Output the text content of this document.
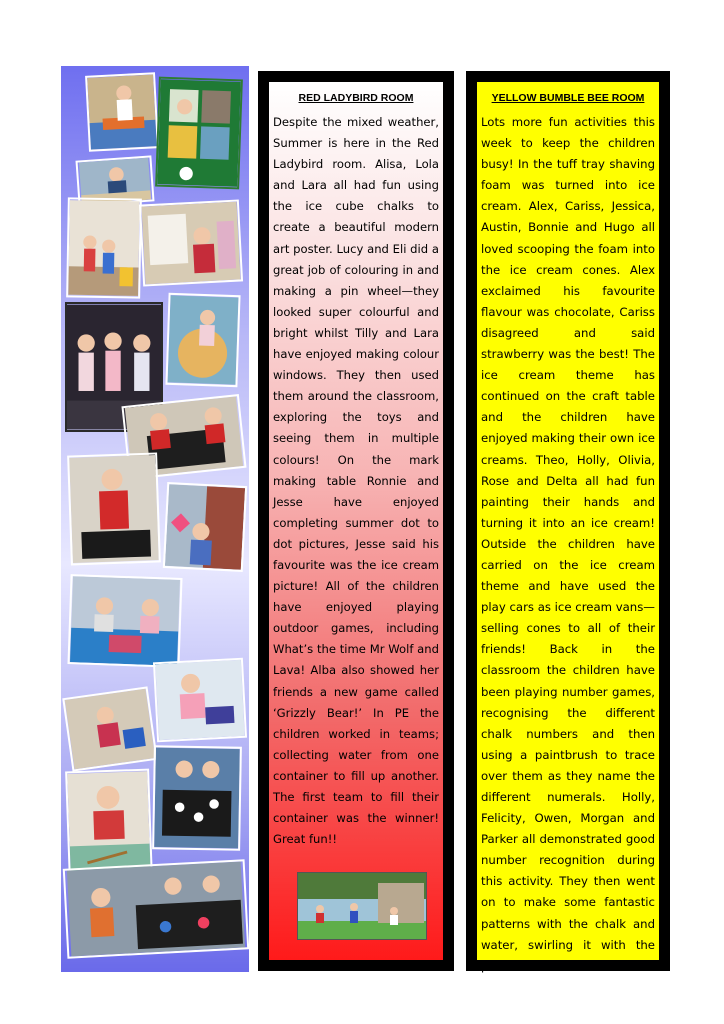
RED LADYBIRD ROOM

Despite the mixed weather, Summer is here in the Red Ladybird room. Alisa, Lola and Lara all had fun using the ice cube chalks to create a beautiful modern art poster. Lucy and Eli did a great job of colouring in and making a pin wheel—they looked super colourful and bright whilst Tilly and Lara have enjoyed making colour windows. They then used them around the classroom, exploring the toys and seeing them in multiple colours! On the mark making table Ronnie and Jesse have enjoyed completing summer dot to dot pictures, Jesse said his favourite was the ice cream picture! All of the children have enjoyed playing outdoor games, including What’s the time Mr Wolf and Lava! Alba also showed her friends a new game called ‘Grizzly Bear!’ In PE the children worked in teams; collecting water from one container to fill up another. The first team to fill their container was the winner! Great fun!!

YELLOW BUMBLE BEE ROOM

Lots more fun activities this week to keep the children busy! In the tuff tray shaving foam was turned into ice cream. Alex, Cariss, Jessica, Austin, Bonnie and Hugo all loved scooping the foam into the ice cream cones. Alex exclaimed his favourite flavour was chocolate, Cariss disagreed and said strawberry was the best! The ice cream theme has continued on the craft table and the children have enjoyed making their own ice creams. Theo, Holly, Olivia, Rose and Delta all had fun painting their hands and turning it into an ice cream! Outside the children have carried on the ice cream theme and have used the play cars as ice cream vans—selling cones to all of their friends! Back in the classroom the children have been playing number games, recognising the different chalk numbers and then using a paintbrush to trace over them as they name the different numerals. Holly, Felicity, Owen, Morgan and Parker all demonstrated good number recognition during this activity. They then went on to make some fantastic patterns with the chalk and water, swirling it with the paintbrushes!
